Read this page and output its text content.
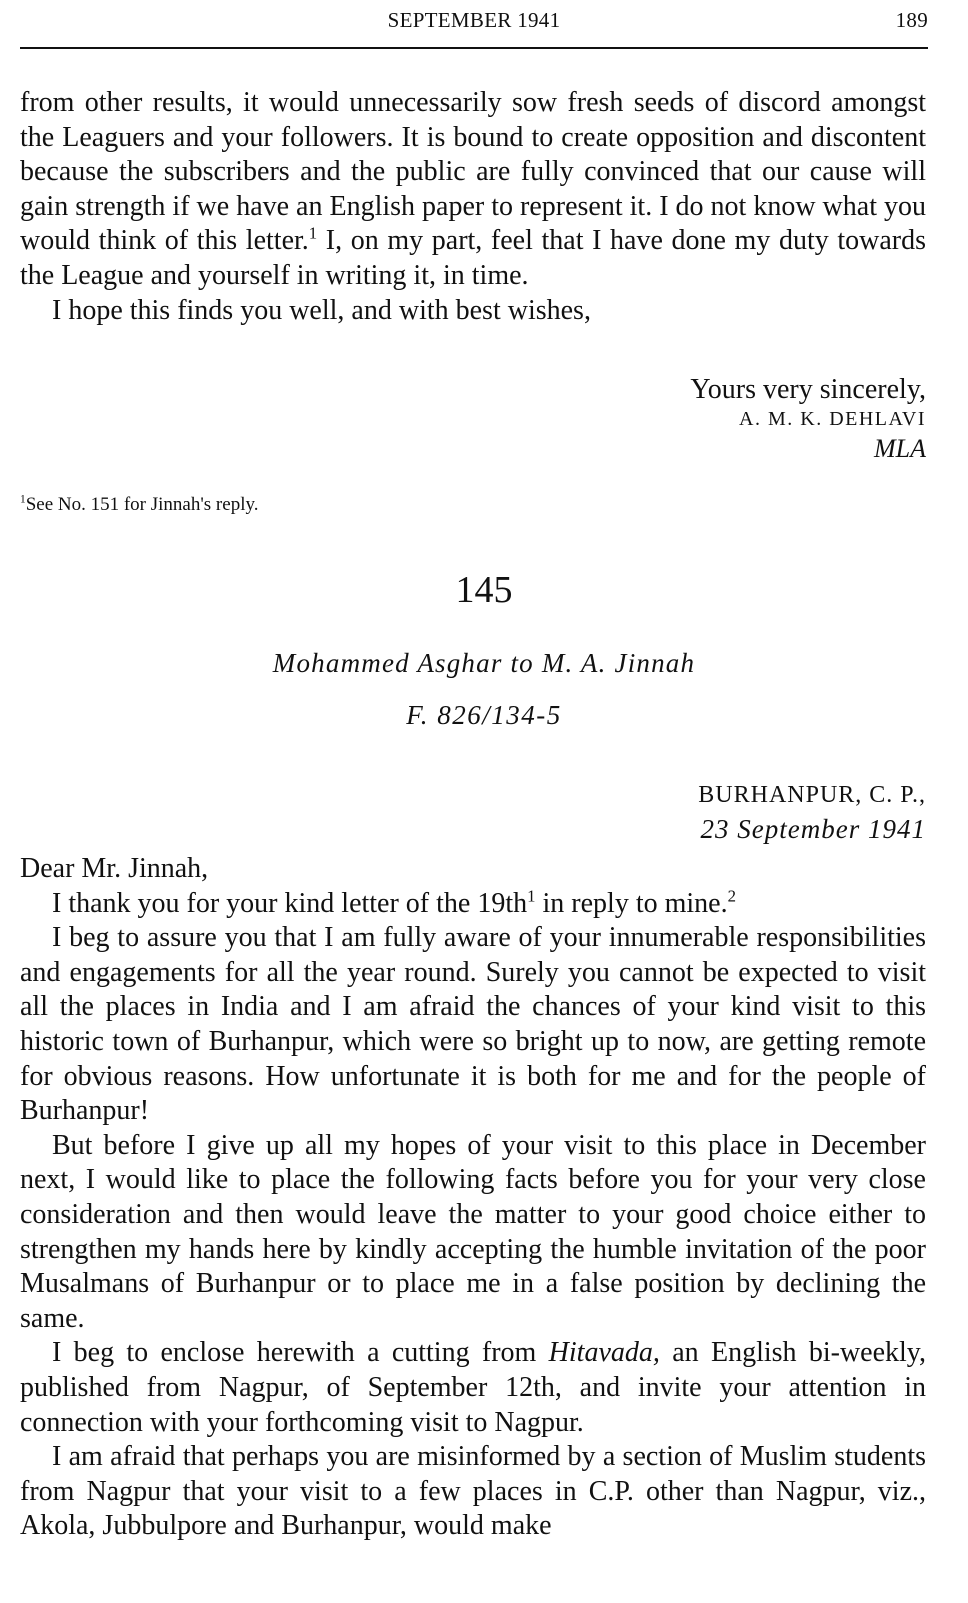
SEPTEMBER 1941	189

from other results, it would unnecessarily sow fresh seeds of discord amongst the Leaguers and your followers. It is bound to create opposition and discontent because the subscribers and the public are fully convinced that our cause will gain strength if we have an English paper to represent it. I do not know what you would think of this letter.$^1$ I, on my part, feel that I have done my duty towards the League and yourself in writing it, in time.

I hope this finds you well, and with best wishes,

Yours very sincerely,
A. M. K. DEHLAVI
MLA
$^1$See No. 151 for Jinnah's reply.
145
Mohammed Asghar to M. A. Jinnah
F. 826/134-5
BURHANPUR, C. P.,
23 September 1941

Dear Mr. Jinnah,

I thank you for your kind letter of the $19th^1$ in reply to mine.$^2$

I beg to assure you that I am fully aware of your innumerable responsibilities and engagements for all the year round. Surely you cannot be expected to visit all the places in India and I am afraid the chances of your kind visit to this historic town of Burhanpur, which were so bright up to now, are getting remote for obvious reasons. How unfortunate it is both for me and for the people of Burhanpur!

But before I give up all my hopes of your visit to this place in December next, I would like to place the following facts before you for your very close consideration and then would leave the matter to your good choice either to strengthen my hands here by kindly accepting the humble invitation of the poor Musalmans of Burhanpur or to place me in a false position by declining the same.

I beg to enclose herewith a cutting from Hitavada, an English bi-weekly, published from Nagpur, of September 12th, and invite your attention in connection with your forthcoming visit to Nagpur.

I am afraid that perhaps you are misinformed by a section of Muslim students from Nagpur that your visit to a few places in C.P. other than Nagpur, viz., Akola, Jubbulpore and Burhanpur, would make
